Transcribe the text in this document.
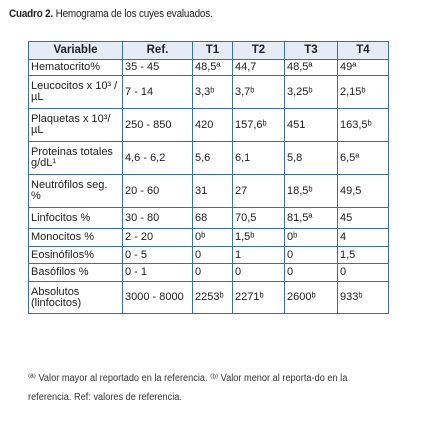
Cuadro 2. Hemograma de los cuyes evaluados.
Variable	Ref.	T1	T2	T3	T4
Hematocrito%	35 - 45	48,5ª	44,7	48,5ª	49ª
Leucocitos x 10³ /µL	7 - 14	3,3ᵇ	3,7ᵇ	3,25ᵇ	2,15ᵇ
Plaquetas x 10³/µL	250 - 850	420	157,6ᵇ	451	163,5ᵇ
Proteinas totales g/dL¹	4,6 - 6,2	5,6	6,1	5,8	6,5ª
Neutrófilos seg. %	20 - 60	31	27	18,5ᵇ	49,5
Linfocitos %	30 - 80	68	70,5	81,5ª	45
Monocitos %	2 - 20	0ᵇ	1,5ᵇ	0ᵇ	4
Eosinófilos%	0 - 5	0	1	0	1,5
Basófilos %	0 - 1	0	0	0	0
Absolutos (linfocitos)	3000 - 8000	2253ᵇ	2271ᵇ	2600ᵇ	933ᵇ
⁽ª⁾ Valor mayor al reportado en la referencia. ⁽ᵇ⁾ Valor menor al reporta-do en la referencia. Ref: valores de referencia.
